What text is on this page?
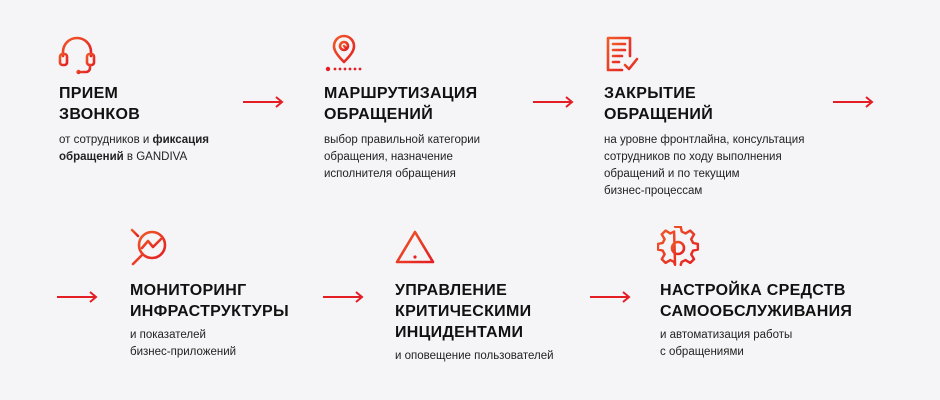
ПРИЕМ
ЗВОНКОВ
от сотрудников и фиксация
обращений в GANDIVA
МАРШРУТИЗАЦИЯ
ОБРАЩЕНИЙ
выбор правильной категории
обращения, назначение
исполнителя обращения
ЗАКРЫТИЕ
ОБРАЩЕНИЙ
на уровне фронтлайна, консультация
сотрудников по ходу выполнения
обращений и по текущим
бизнес-процессам
МОНИТОРИНГ
ИНФРАСТРУКТУРЫ
и показателей
бизнес-приложений
УПРАВЛЕНИЕ
КРИТИЧЕСКИМИ
ИНЦИДЕНТАМИ
и оповещение пользователей
НАСТРОЙКА СРЕДСТВ
САМООБСЛУЖИВАНИЯ
и автоматизация работы
с обращениями
